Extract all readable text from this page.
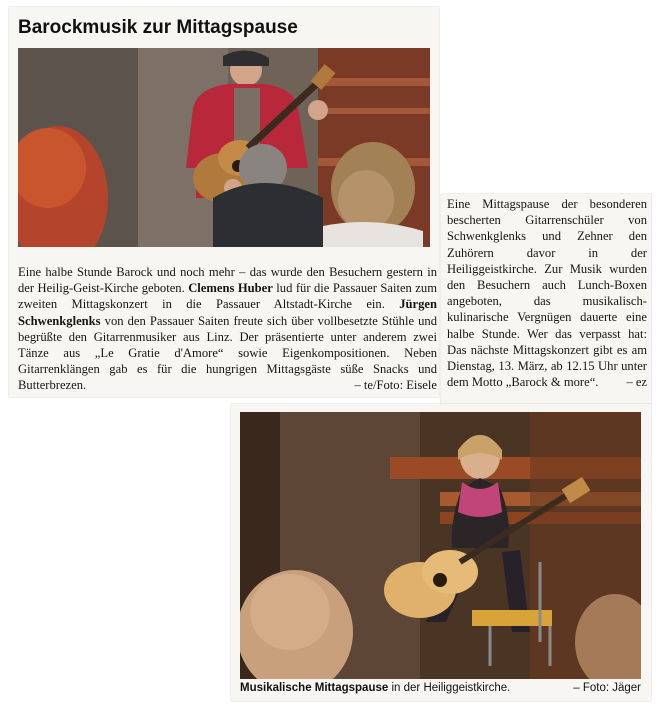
Barockmusik zur Mittagspause
Eine halbe Stunde Barock und noch mehr – das wurde den Besuchern gestern in der Heilig-Geist-Kirche geboten. Clemens Huber lud für die Passauer Saiten zum zweiten Mittagskonzert in die Passauer Altstadt-Kirche ein. Jürgen Schwenkglenks von den Passauer Saiten freute sich über vollbesetzte Stühle und begrüßte den Gitarrenmusiker aus Linz. Der präsentierte unter anderem zwei Tänze aus „Le Gratie d'Amore“ sowie Eigenkompositionen. Neben Gitarrenklängen gab es für die hungrigen Mittagsgäste süße Snacks und Butterbrezen.	– te/Foto: Eisele
Eine Mittagspause der besonderen bescherten Gitarrenschüler von Schwenkglenks und Zehner den Zuhörern davor in der Heiliggeistkirche. Zur Musik wurden den Besuchern auch Lunch-Boxen angeboten, das musikalisch-kulinarische Vergnügen dauerte eine halbe Stunde. Wer das verpasst hat: Das nächste Mittagskonzert gibt es am Dienstag, 13. März, ab 12.15 Uhr unter dem Motto „Barock & more“. – ez
Musikalische Mittagspause in der Heiliggeistkirche.	– Foto: Jäger
